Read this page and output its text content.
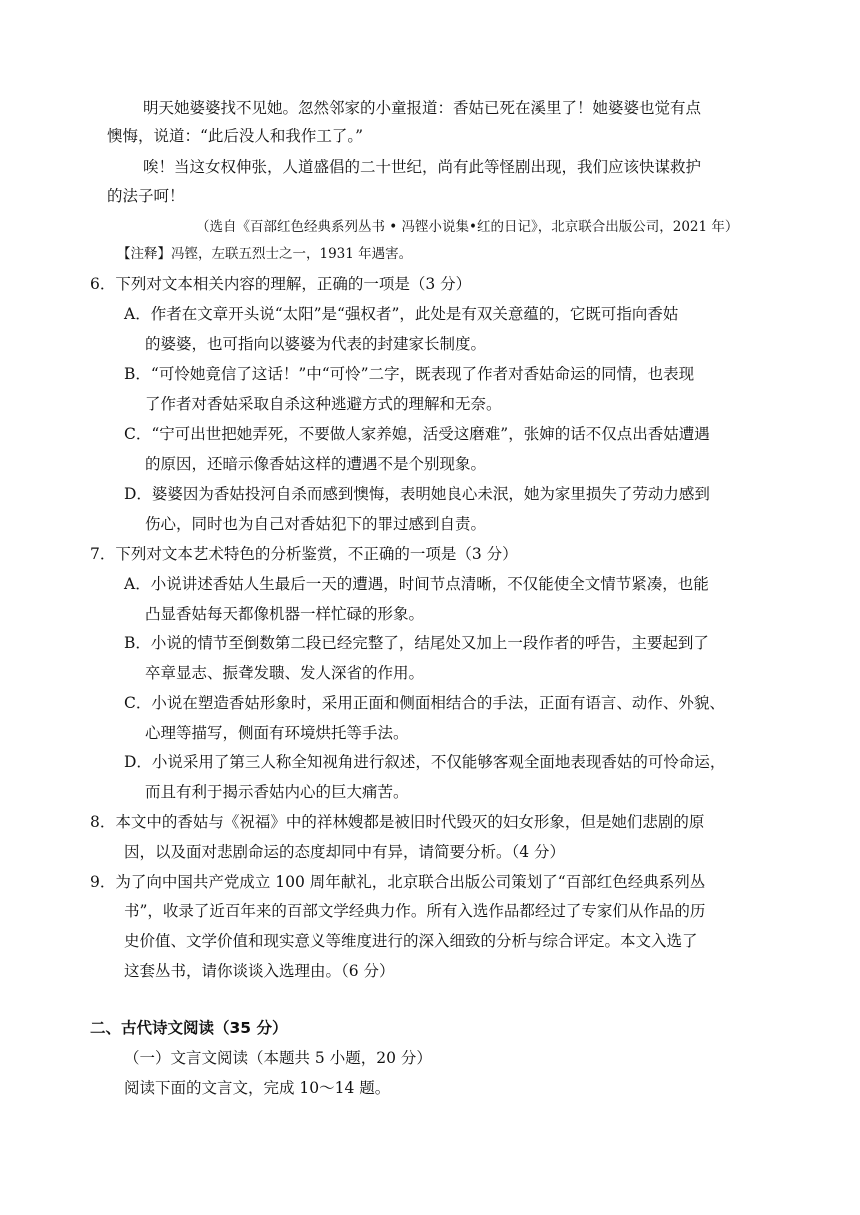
明天她婆婆找不见她。忽然邻家的小童报道：香姑已死在溪里了！她婆婆也觉有点
懊悔，说道：“此后没人和我作工了。”
唉！当这女权伸张，人道盛倡的二十世纪，尚有此等怪剧出现，我们应该快谋救护
的法子呵！
（选自《百部红色经典系列丛书 • 冯铿小说集•红的日记》，北京联合出版公司，2021 年）
【注释】冯铿，左联五烈士之一，1931 年遇害。
6．下列对文本相关内容的理解，正确的一项是（3 分）
A．作者在文章开头说“太阳”是“强权者”，此处是有双关意蕴的，它既可指向香姑
的婆婆，也可指向以婆婆为代表的封建家长制度。
B．“可怜她竟信了这话！”中“可怜”二字，既表现了作者对香姑命运的同情，也表现
了作者对香姑采取自杀这种逃避方式的理解和无奈。
C．“宁可出世把她弄死，不要做人家养媳，活受这磨难”，张婶的话不仅点出香姑遭遇
的原因，还暗示像香姑这样的遭遇不是个别现象。
D．婆婆因为香姑投河自杀而感到懊悔，表明她良心未泯，她为家里损失了劳动力感到
伤心，同时也为自己对香姑犯下的罪过感到自责。
7．下列对文本艺术特色的分析鉴赏，不正确的一项是（3 分）
A．小说讲述香姑人生最后一天的遭遇，时间节点清晰，不仅能使全文情节紧凑，也能
凸显香姑每天都像机器一样忙碌的形象。
B．小说的情节至倒数第二段已经完整了，结尾处又加上一段作者的呼告，主要起到了
卒章显志、振聋发聩、发人深省的作用。
C．小说在塑造香姑形象时，采用正面和侧面相结合的手法，正面有语言、动作、外貌、
心理等描写，侧面有环境烘托等手法。
D．小说采用了第三人称全知视角进行叙述，不仅能够客观全面地表现香姑的可怜命运，
而且有利于揭示香姑内心的巨大痛苦。
8．本文中的香姑与《祝福》中的祥林嫂都是被旧时代毁灭的妇女形象，但是她们悲剧的原
因，以及面对悲剧命运的态度却同中有异，请简要分析。（4 分）
9．为了向中国共产党成立 100 周年献礼，北京联合出版公司策划了“百部红色经典系列丛
书”，收录了近百年来的百部文学经典力作。所有入选作品都经过了专家们从作品的历
史价值、文学价值和现实意义等维度进行的深入细致的分析与综合评定。本文入选了
这套丛书，请你谈谈入选理由。（6 分）
二、古代诗文阅读（35 分）
（一）文言文阅读（本题共 5 小题，20 分）
阅读下面的文言文，完成 10～14 题。
